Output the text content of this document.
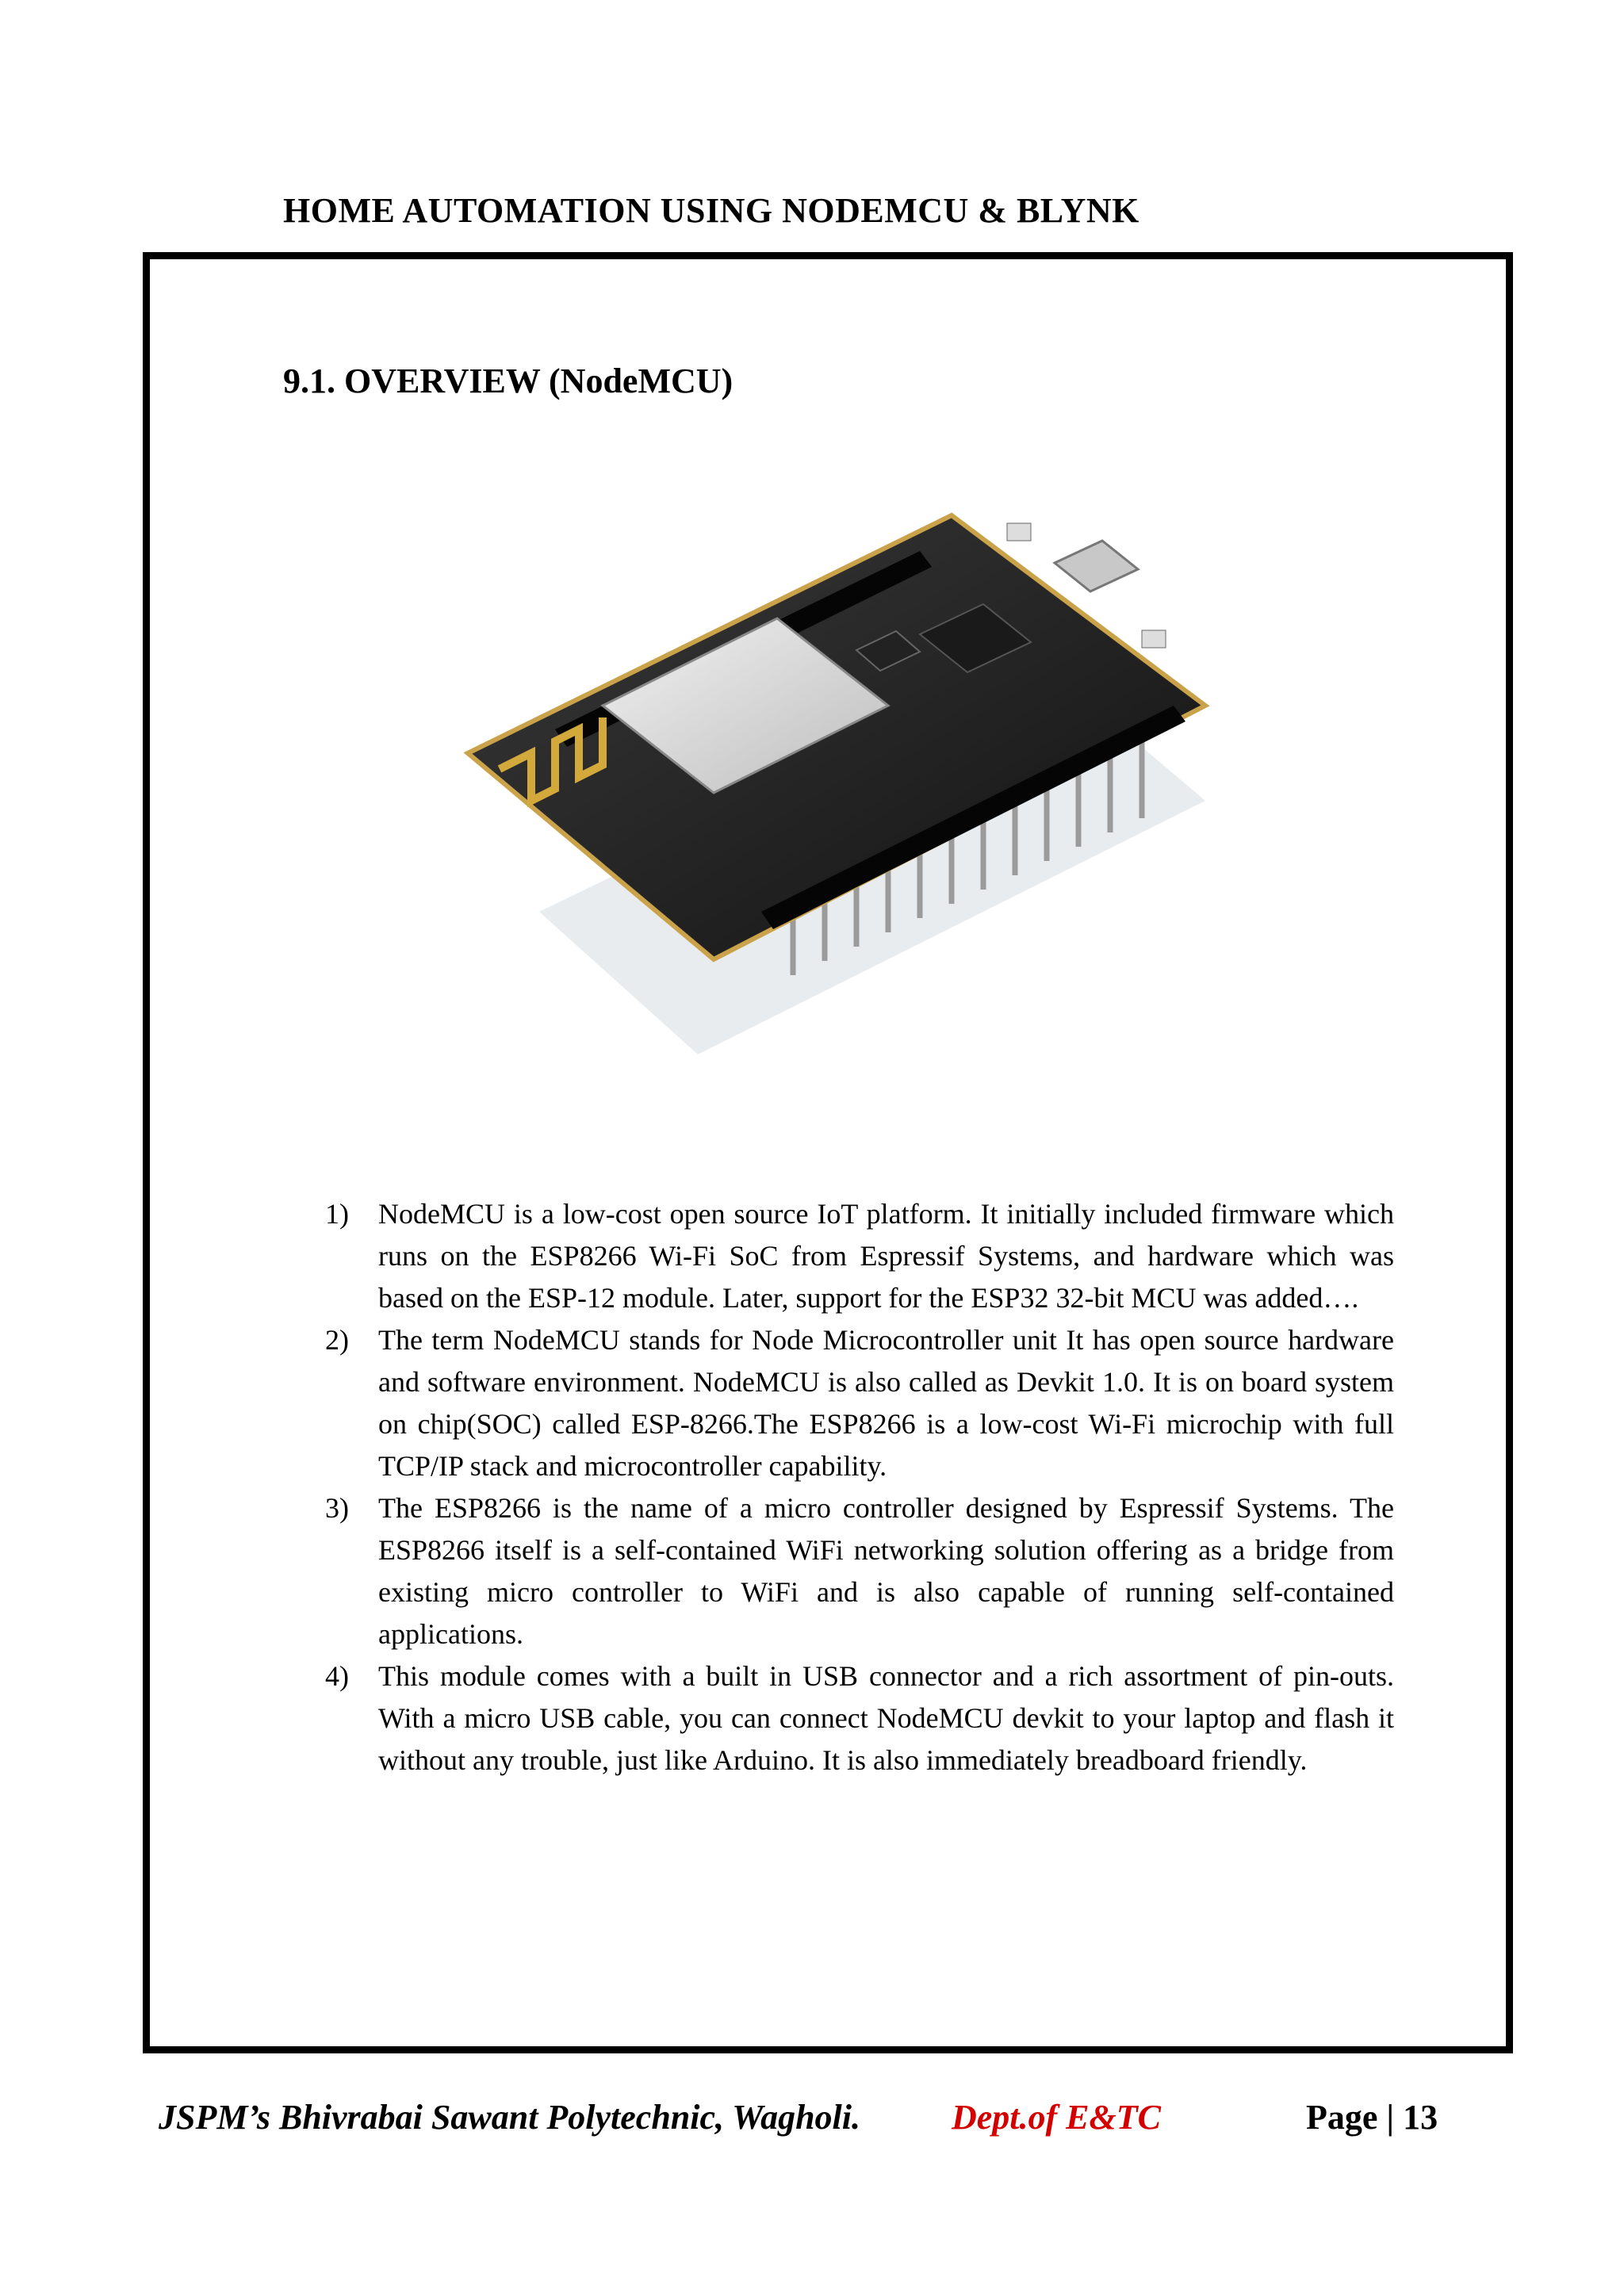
HOME AUTOMATION USING NODEMCU & BLYNK
9.1. OVERVIEW (NodeMCU)
1) NodeMCU is a low-cost open source IoT platform. It initially included firmware which runs on the ESP8266 Wi-Fi SoC from Espressif Systems, and hardware which was based on the ESP-12 module. Later, support for the ESP32 32-bit MCU was added….
2) The term NodeMCU stands for Node Microcontroller unit It has open source hardware and software environment. NodeMCU is also called as Devkit 1.0. It is on board system on chip(SOC) called ESP-8266.The ESP8266 is a low-cost Wi-Fi microchip with full TCP/IP stack and microcontroller capability.
3) The ESP8266 is the name of a micro controller designed by Espressif Systems. The ESP8266 itself is a self-contained WiFi networking solution offering as a bridge from existing micro controller to WiFi and is also capable of running self-contained applications.
4) This module comes with a built in USB connector and a rich assortment of pin-outs. With a micro USB cable, you can connect NodeMCU devkit to your laptop and flash it without any trouble, just like Arduino. It is also immediately breadboard friendly.
JSPM’s Bhivrabai Sawant Polytechnic, Wagholi.	Dept.of E&TC	Page | 13
